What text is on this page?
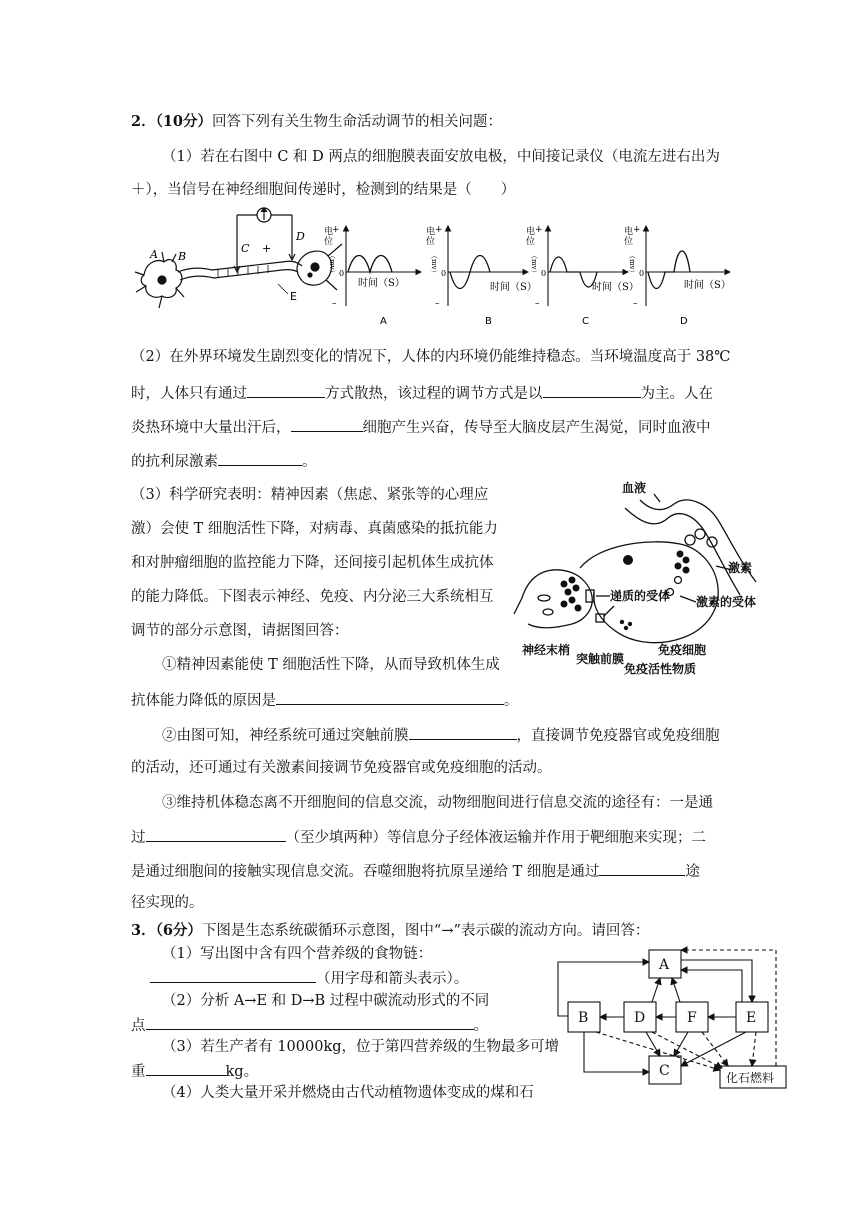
2．（10分）回答下列有关生物生命活动调节的相关问题：
（1）若在右图中 C 和 D 两点的细胞膜表面安放电极，中间接记录仪（电流左进右出为
＋），当信号在神经细胞间传递时，检测到的结果是（　　）
A B
C
D
+
E
电
位
（mv）
+
0
–
时间（S）
电
位
（mv）
+
0
–
时间（S）
电
位
（mv）
+
0
–
时间（S）
电
位
（mv）
+
0
–
时间（S）
A	B	C	D
（2）在外界环境发生剧烈变化的情况下，人体的内环境仍能维持稳态。当环境温度高于 38℃
时，人体只有通过	方式散热，该过程的调节方式是以	为主。人在
炎热环境中大量出汗后，	细胞产生兴奋，传导至大脑皮层产生渴觉，同时血液中
的抗利尿激素	。
（3）科学研究表明：精神因素（焦虑、紧张等的心理应
激）会使 T 细胞活性下降，对病毒、真菌感染的抵抗能力
和对肿瘤细胞的监控能力下降，还间接引起机体生成抗体
的能力降低。下图表示神经、免疫、内分泌三大系统相互
调节的部分示意图，请据图回答：
①精神因素能使 T 细胞活性下降，从而导致机体生成
抗体能力降低的原因是	。
血液
激素
递质的受体 激素的受体
神经末梢
突触前膜
免疫细胞
免疫活性物质
②由图可知，神经系统可通过突触前膜	，直接调节免疫器官或免疫细胞
的活动，还可通过有关激素间接调节免疫器官或免疫细胞的活动。
③维持机体稳态离不开细胞间的信息交流，动物细胞间进行信息交流的途径有：一是通
过	（至少填两种）等信息分子经体液运输并作用于靶细胞来实现；二
是通过细胞间的接触实现信息交流。吞噬细胞将抗原呈递给 T 细胞是通过	途
径实现的。
3．（6分）下图是生态系统碳循环示意图，图中“→”表示碳的流动方向。请回答：
（1）写出图中含有四个营养级的食物链：
（用字母和箭头表示）。
（2）分析 A→E 和 D→B 过程中碳流动形式的不同
点	。
（3）若生产者有 10000kg，位于第四营养级的生物最多可增
重	kg。
（4）人类大量开采并燃烧由古代动植物遗体变成的煤和石
A
B	D	F	E
C	化石燃料
